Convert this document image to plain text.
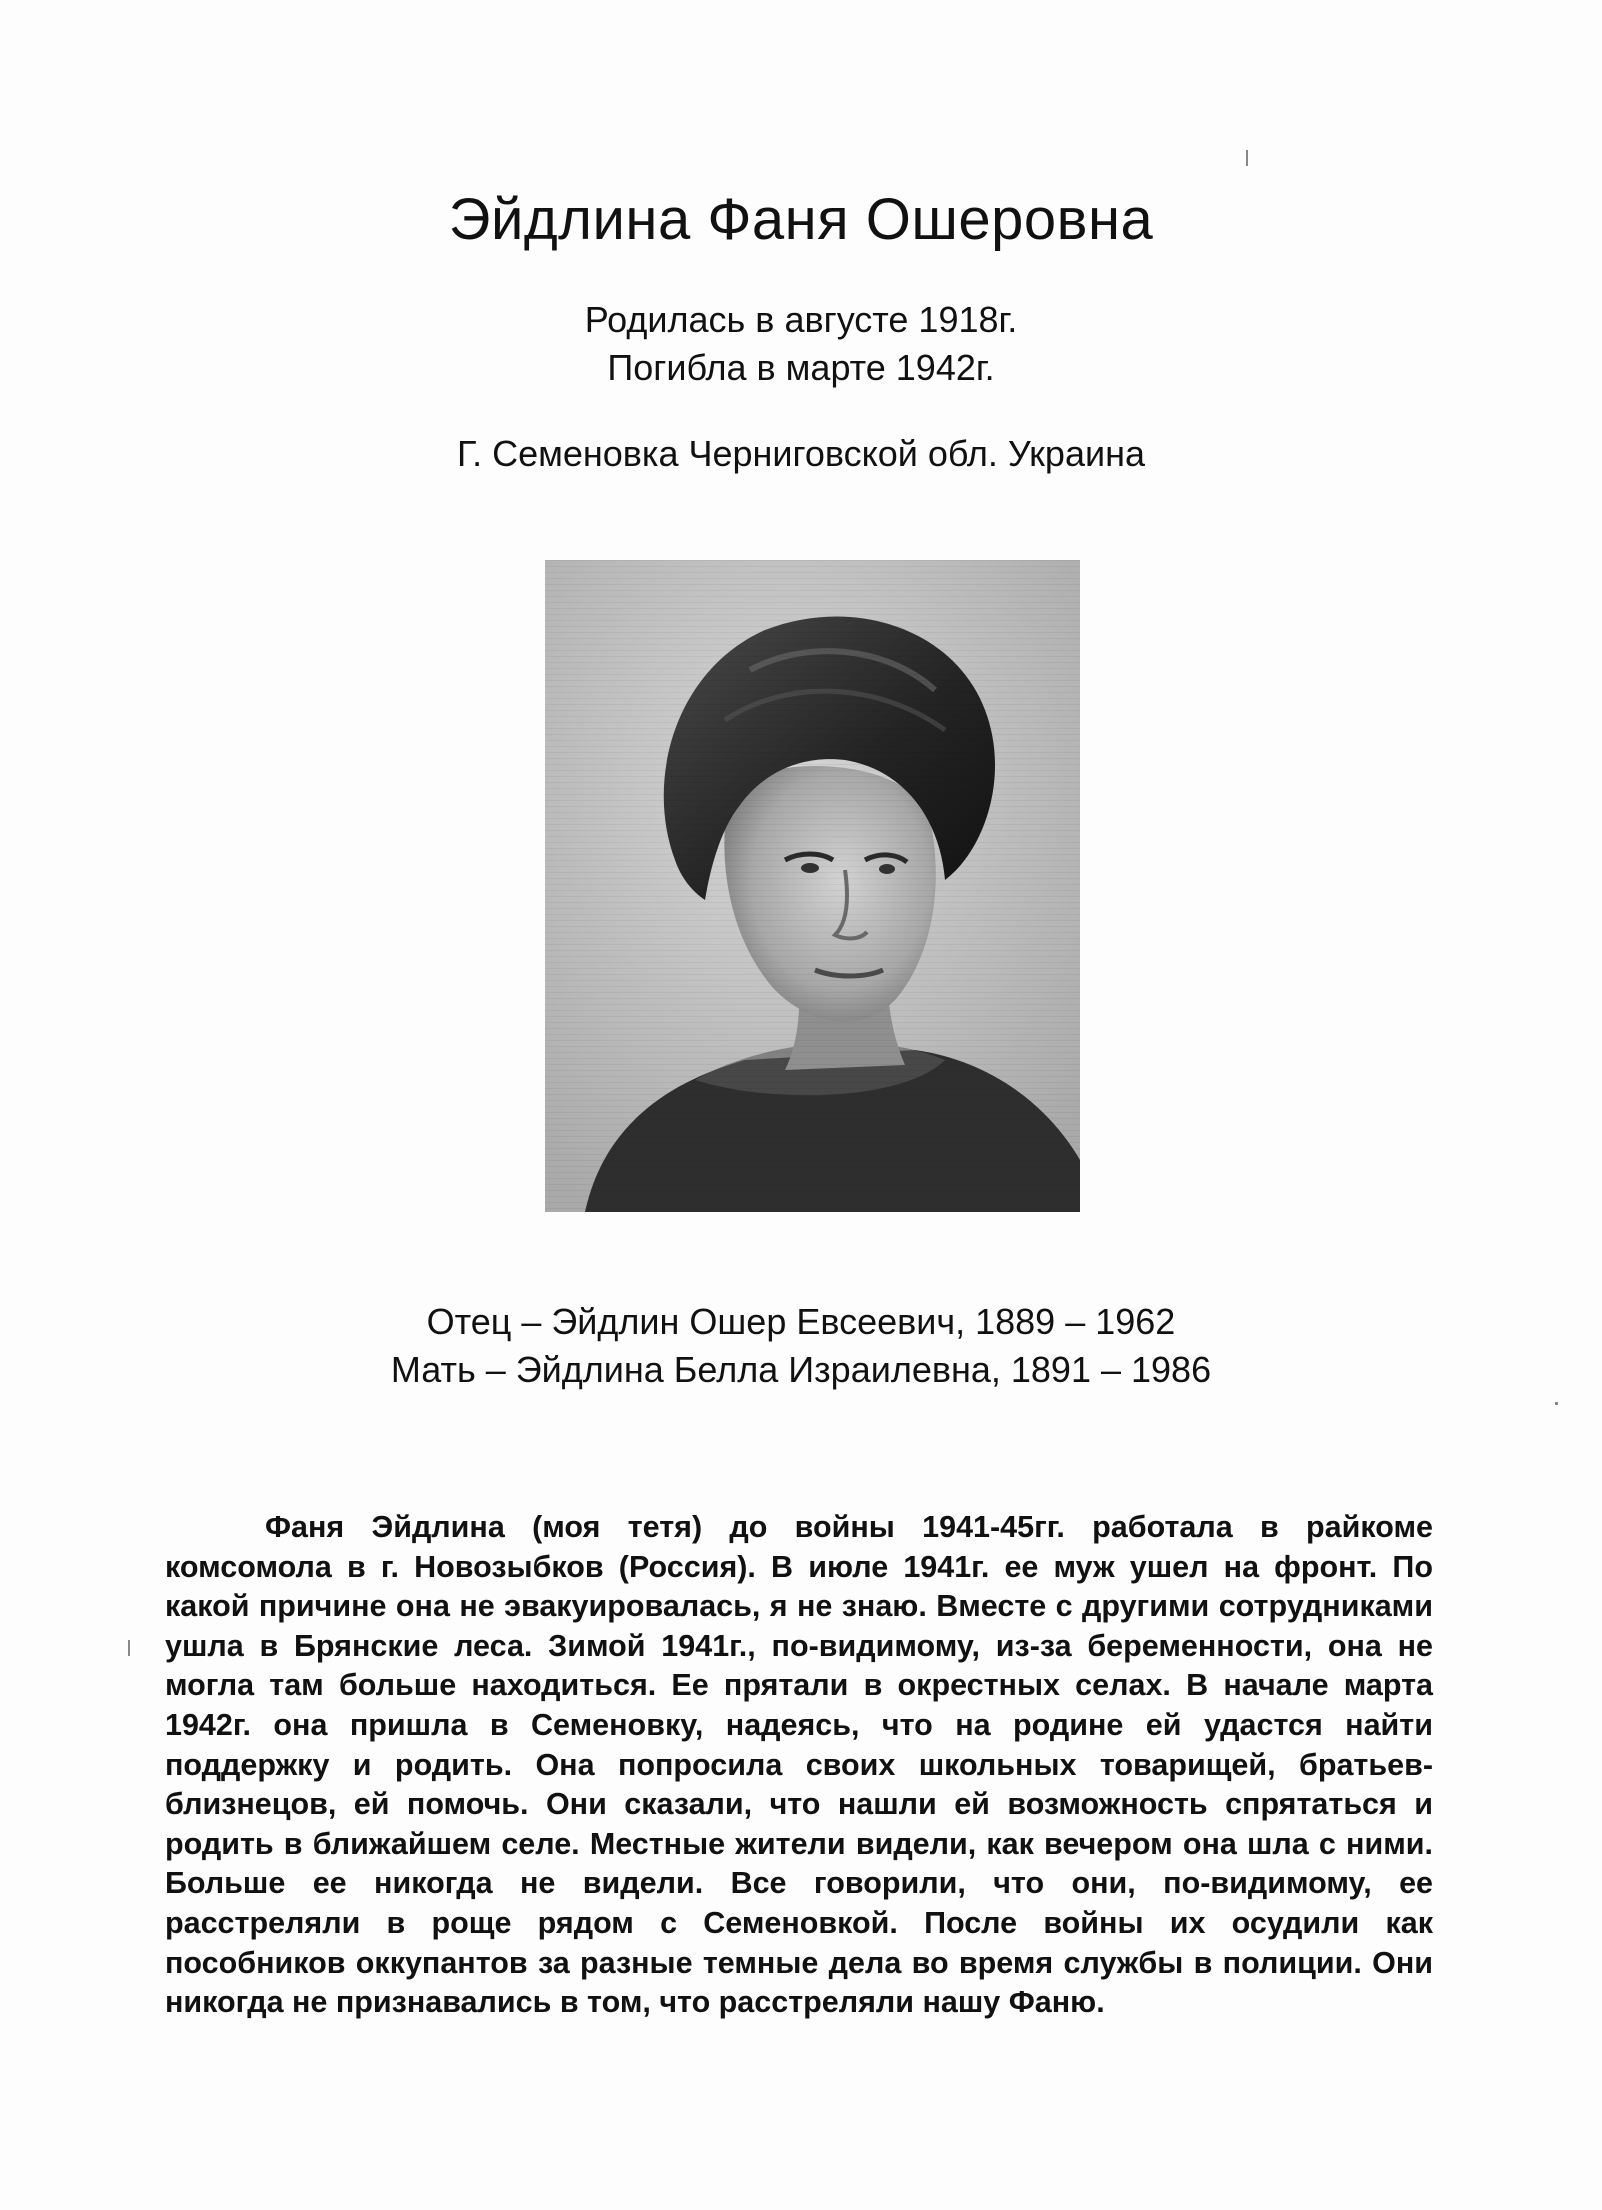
Эйдлина Фаня Ошеровна
Родилась в августе 1918г.
Погибла в марте 1942г.
Г. Семеновка Черниговской обл. Украина
Отец – Эйдлин Ошер Евсеевич, 1889 – 1962
Мать – Эйдлина Белла Израилевна, 1891 – 1986

Фаня Эйдлина (моя тетя) до войны 1941-45гг. работала в райкоме комсомола в г. Новозыбков (Россия). В июле 1941г. ее муж ушел на фронт. По какой причине она не эвакуировалась, я не знаю. Вместе с другими сотрудниками ушла в Брянские леса. Зимой 1941г., по-видимому, из-за беременности, она не могла там больше находиться. Ее прятали в окрестных селах. В начале марта 1942г. она пришла в Семеновку, надеясь, что на родине ей удастся найти поддержку и родить. Она попросила своих школьных товарищей, братьев-близнецов, ей помочь. Они сказали, что нашли ей возможность спрятаться и родить в ближайшем селе. Местные жители видели, как вечером она шла с ними. Больше ее никогда не видели. Все говорили, что они, по-видимому, ее расстреляли в роще рядом с Семеновкой. После войны их осудили как пособников оккупантов за разные темные дела во время службы в полиции. Они никогда не признавались в том, что расстреляли нашу Фаню.
